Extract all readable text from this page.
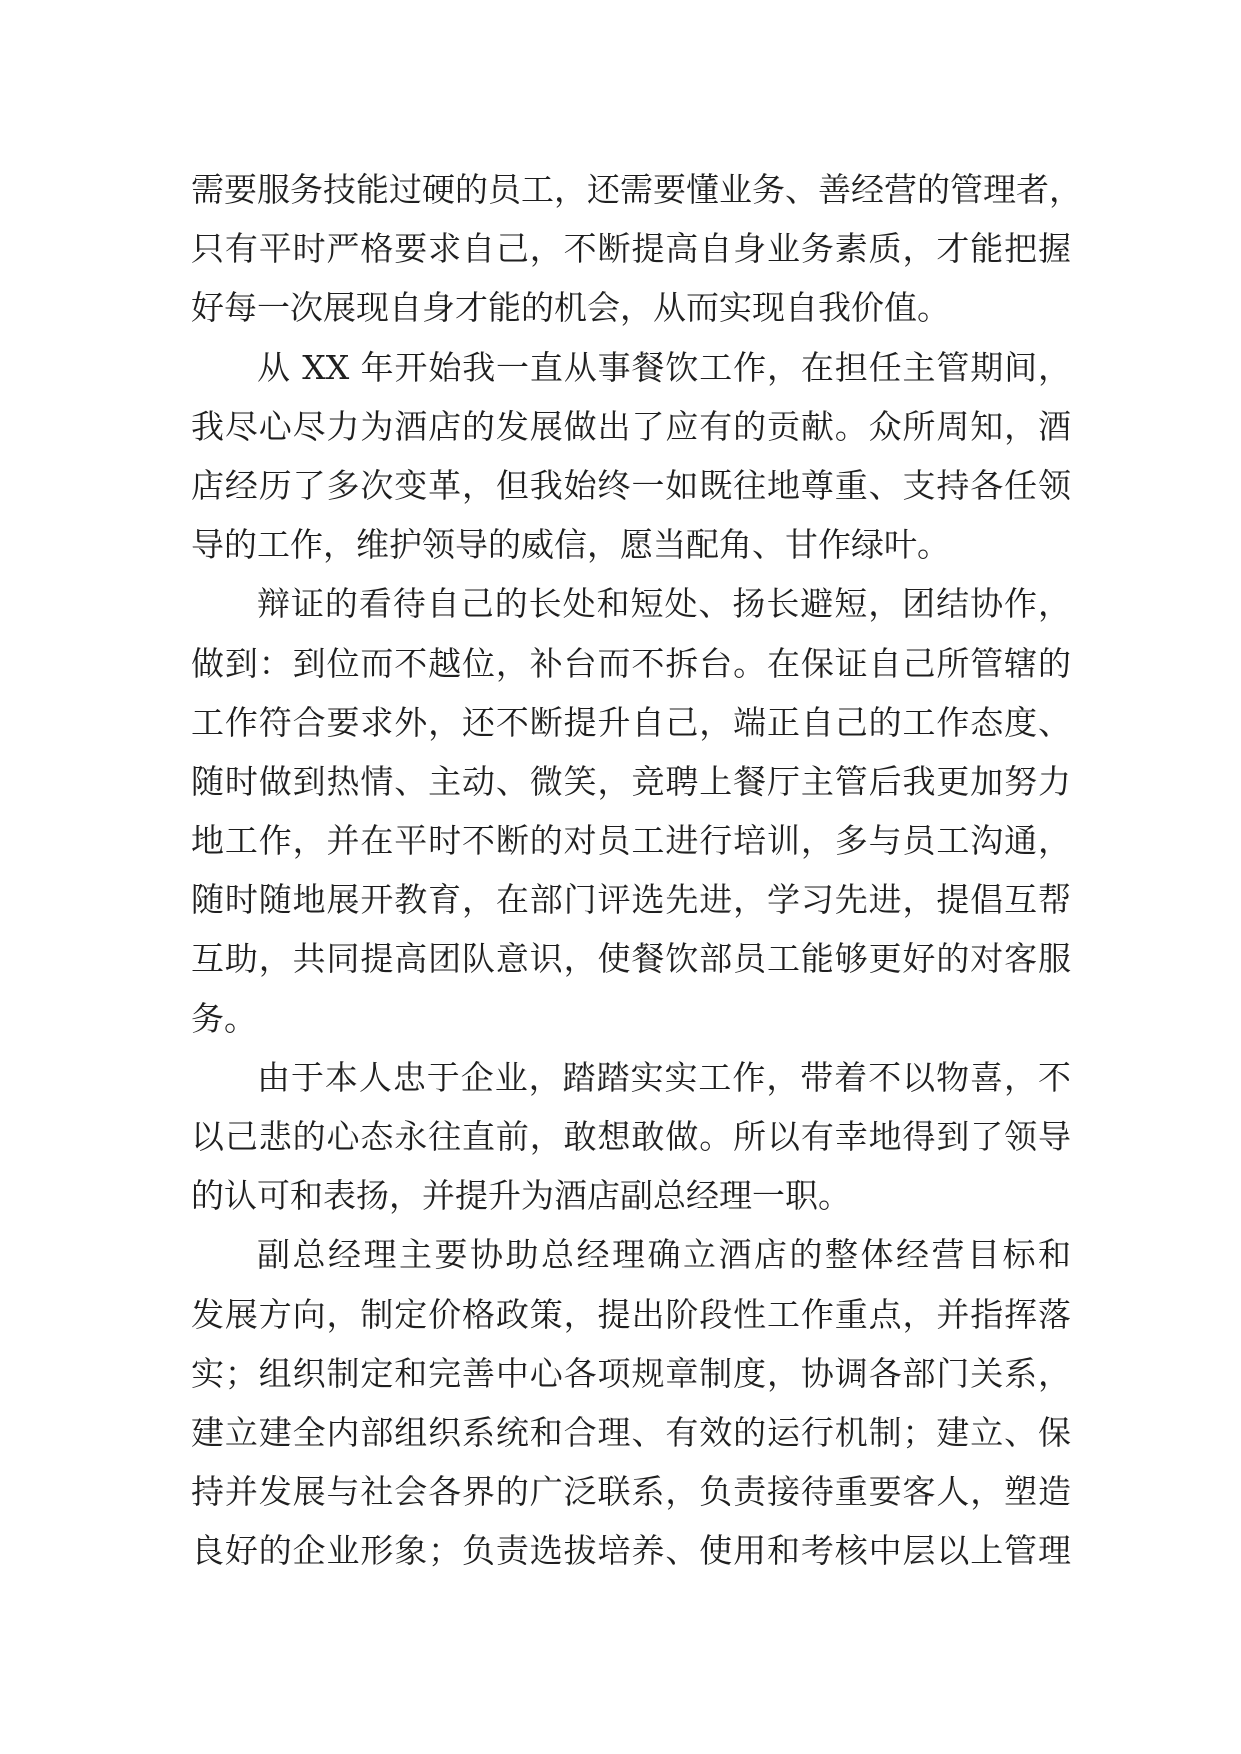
需要服务技能过硬的员工，还需要懂业务、善经营的管理者，
只有平时严格要求自己，不断提高自身业务素质，才能把握
好每一次展现自身才能的机会，从而实现自我价值。
从 XX 年开始我一直从事餐饮工作，在担任主管期间，
我尽心尽力为酒店的发展做出了应有的贡献。众所周知，酒
店经历了多次变革，但我始终一如既往地尊重、支持各任领
导的工作，维护领导的威信，愿当配角、甘作绿叶。
辩证的看待自己的长处和短处、扬长避短，团结协作，
做到：到位而不越位，补台而不拆台。在保证自己所管辖的
工作符合要求外，还不断提升自己，端正自己的工作态度、
随时做到热情、主动、微笑，竞聘上餐厅主管后我更加努力
地工作，并在平时不断的对员工进行培训，多与员工沟通，
随时随地展开教育，在部门评选先进，学习先进，提倡互帮
互助，共同提高团队意识，使餐饮部员工能够更好的对客服
务。
由于本人忠于企业，踏踏实实工作，带着不以物喜，不
以己悲的心态永往直前，敢想敢做。所以有幸地得到了领导
的认可和表扬，并提升为酒店副总经理一职。
副总经理主要协助总经理确立酒店的整体经营目标和
发展方向，制定价格政策，提出阶段性工作重点，并指挥落
实；组织制定和完善中心各项规章制度，协调各部门关系，
建立建全内部组织系统和合理、有效的运行机制；建立、保
持并发展与社会各界的广泛联系，负责接待重要客人，塑造
良好的企业形象；负责选拔培养、使用和考核中层以上管理
